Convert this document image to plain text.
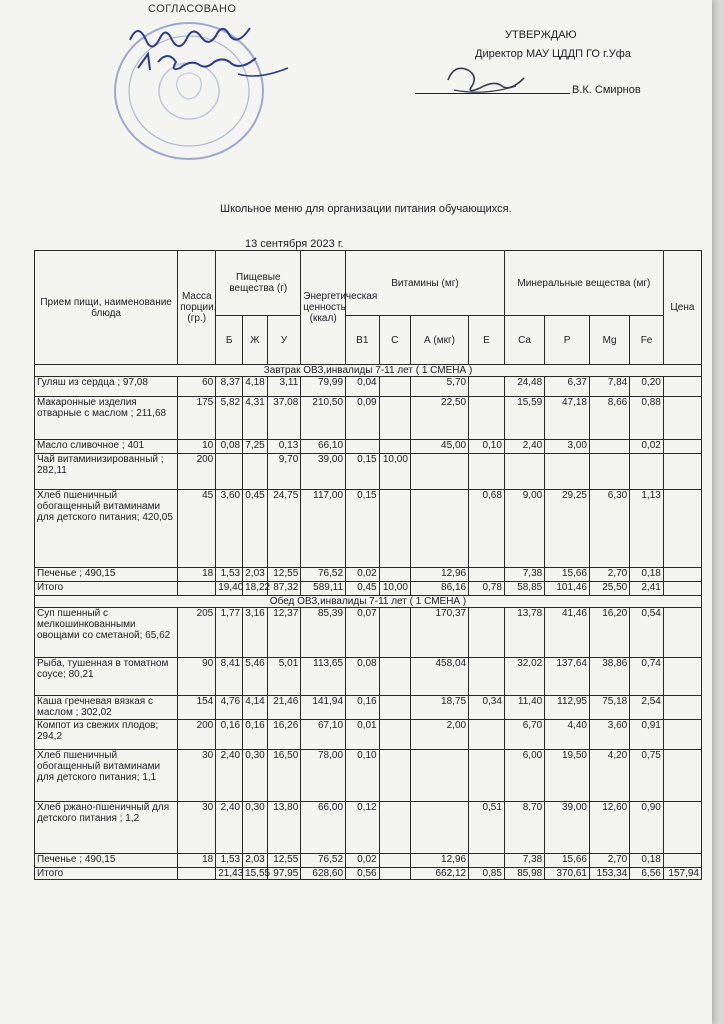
СОГЛАСОВАНО
УТВЕРЖДАЮ
Директор МАУ ЦДДП ГО г.Уфа
В.К. Смирнов
Школьное меню для организации питания обучающихся.
13 сентября 2023 г.
Прием пищи, наименование блюда	Масса порции, (гр.)	Пищевые вещества (г)			Энергетическая ценность (ккал)	Витамины (мг)				Минеральные вещества (мг)				Цена
		Б	Ж	У		В1	С	А (мкг)	Е	Ca	P	Mg	Fe	
Завтрак ОВЗ,инвалиды 7-11 лет ( 1 СМЕНА )														
Гуляш из сердца ; 97,08	60	8,37	4,18	3,11	79,99	0,04		5,70		24,48	6,37	7,84	0,20	
Макаронные изделия отварные с маслом ; 211,68	175	5,82	4,31	37,08	210,50	0,09		22,50		15,59	47,18	8,66	0,88	
Масло сливочное ; 401	10	0,08	7,25	0,13	66,10			45,00	0,10	2,40	3,00		0,02	
Чай витаминизированный ; 282,11	200			9,70	39,00	0,15	10,00							
Хлеб пшеничный обогащенный витаминами для детского питания; 420,05	45	3,60	0,45	24,75	117,00	0,15			0,68	9,00	29,25	6,30	1,13	
Печенье ; 490,15	18	1,53	2,03	12,55	76,52	0,02		12,96		7,38	15,66	2,70	0,18	
Итого		19,40	18,22	87,32	589,11	0,45	10,00	86,16	0,78	58,85	101,46	25,50	2,41	
Обед ОВЗ,инвалиды 7-11 лет ( 1 СМЕНА )														
Суп пшенный с мелкошинкованными овощами со сметаной; 65,62	205	1,77	3,16	12,37	85,39	0,07		170,37		13,78	41,46	16,20	0,54	
Рыба, тушенная в томатном соусе; 80,21	90	8,41	5,46	5,01	113,65	0,08		458,04		32,02	137,64	38,86	0,74	
Каша гречневая вязкая с маслом ; 302,02	154	4,76	4,14	21,46	141,94	0,16		18,75	0,34	11,40	112,95	75,18	2,54	
Компот из свежих плодов; 294,2	200	0,16	0,16	16,26	67,10	0,01		2,00		6,70	4,40	3,60	0,91	
Хлеб пшеничный обогащенный витаминами для детского питания; 1,1	30	2,40	0,30	16,50	78,00	0,10				6,00	19,50	4,20	0,75	
Хлеб ржано-пшеничный для детского питания ; 1,2	30	2,40	0,30	13,80	66,00	0,12			0,51	8,70	39,00	12,60	0,90	
Печенье ; 490,15	18	1,53	2,03	12,55	76,52	0,02		12,96		7,38	15,66	2,70	0,18	
Итого		21,43	15,55	97,95	628,60	0,56		662,12	0,85	85,98	370,61	153,34	6,56	157,94
